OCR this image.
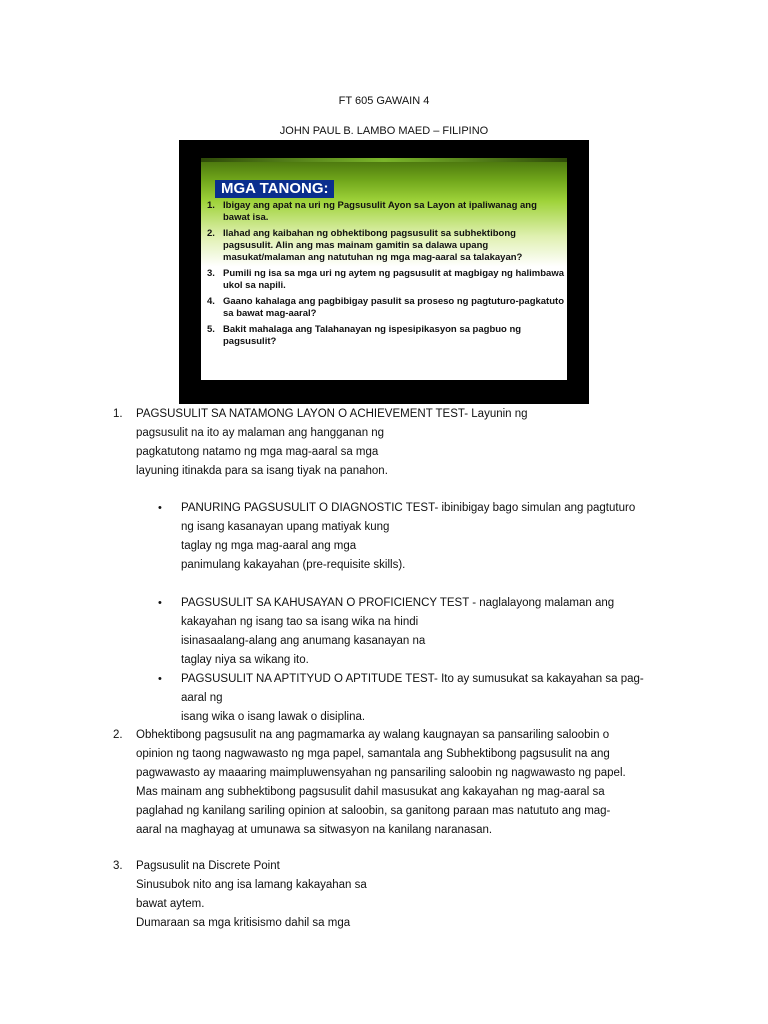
FT 605 GAWAIN 4
JOHN PAUL B. LAMBO MAED – FILIPINO
MGA TANONG:
1. Ibigay ang apat na uri ng Pagsusulit Ayon sa Layon at ipaliwanag ang bawat isa.
2. Ilahad ang kaibahan ng obhektibong pagsusulit sa subhektibong pagsusulit. Alin ang mas mainam gamitin sa dalawa upang masukat/malaman ang natutuhan ng mga mag-aaral sa talakayan?
3. Pumili ng isa sa mga uri ng aytem ng pagsusulit at magbigay ng halimbawa ukol sa napili.
4. Gaano kahalaga ang pagbibigay pasulit sa proseso ng pagtuturo-pagkatuto sa bawat mag-aaral?
5. Bakit mahalaga ang Talahanayan ng ispesipikasyon sa pagbuo ng pagsusulit?
1. PAGSUSULIT SA NATAMONG LAYON O ACHIEVEMENT TEST- Layunin ng
pagsusulit na ito ay malaman ang hangganan ng
pagkatutong natamo ng mga mag-aaral sa mga
layuning itinakda para sa isang tiyak na panahon.
• PANURING PAGSUSULIT O DIAGNOSTIC TEST- ibinibigay bago simulan ang pagtuturo
ng isang kasanayan upang matiyak kung
taglay ng mga mag-aaral ang mga
panimulang kakayahan (pre-requisite skills).
• PAGSUSULIT SA KAHUSAYAN O PROFICIENCY TEST - naglalayong malaman ang
kakayahan ng isang tao sa isang wika na hindi
isinasaalang-alang ang anumang kasanayan na
taglay niya sa wikang ito.
• PAGSUSULIT NA APTITYUD O APTITUDE TEST- Ito ay sumusukat sa kakayahan sa pag-
aaral ng
isang wika o isang lawak o disiplina.
2. Obhektibong pagsusulit na ang pagmamarka ay walang kaugnayan sa pansariling saloobin o
opinion ng taong nagwawasto ng mga papel, samantala ang Subhektibong pagsusulit na ang
pagwawasto ay maaaring maimpluwensyahan ng pansariling saloobin ng nagwawasto ng papel.
Mas mainam ang subhektibong pagsusulit dahil masusukat ang kakayahan ng mag-aaral sa
paglahad ng kanilang sariling opinion at saloobin, sa ganitong paraan mas natututo ang mag-
aaral na maghayag at umunawa sa sitwasyon na kanilang naranasan.
3. Pagsusulit na Discrete Point
Sinusubok nito ang isa lamang kakayahan sa
bawat aytem.
Dumaraan sa mga kritisismo dahil sa mga
